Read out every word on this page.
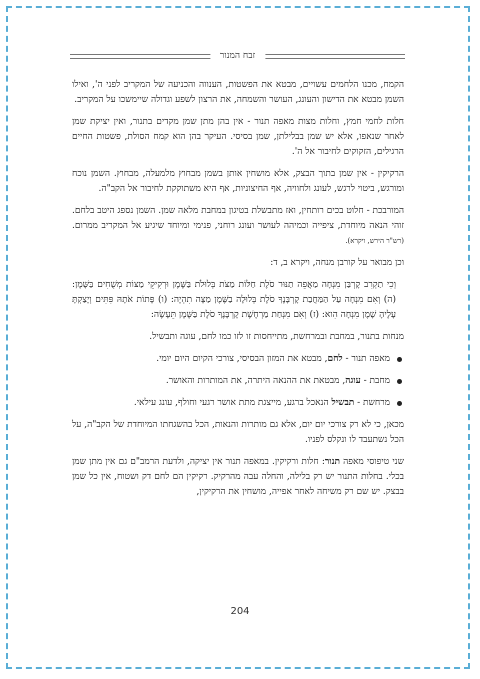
זבח המנור

הקמח, מכנו הלחמים עשויים, מבטא את הפשטות, הענווה והכניעה של המקריב לפני ה', ואילו השמן מבטא את הדישון והעונג, העושר והשמחה, את הרצון לשפע וגדולה שיימשכו על המקריב.

חלות לחמי חמץ, וחלות מצות מאפה תנור - אין בהן מתן שמן מקדים בתנור, ואין יציקת שמן לאחר שנאפו, אלא יש שמן בבלילתן, שמן בסיסי. העיקר בהן הוא קמח הסולת, פשטות החיים הרגילים, הזקוקים לחיבור אל ה'.

הרקיקין - אין שמן בתוך הבצק, אלא מושחין אותן בשמן מבחוץ מלמעלה, מבחוץ. השמן נוכח ומורגש, ביטוי לרגש, לעונג ולחוויה, אף החיצוניות, אף היא משתוקקת לחיבור אל הקב"ה.

המורבכת - חלוט בכים רותחין, ואז מתבשלת בטיגון במחבת מלאה שמן. השמן נספג היטב בלחם. זוהי הנאה מיוחדת, ציפייה וכמיהה לעושר ועונג רוחני, פנימי ומיוחד שיגיע אל המקריב ממרום. (רש"ר הירש, ויקרא).

וכן מבואר על קורבן מנחה, ויקרא ב, ד:

וְכִי תַקְרִב קָרְבַּן מִנְחָה מַאֲפֵה תַנּוּר סֹלֶת חַלּוֹת מַצֹּת בְּלוּלֹת בַּשֶּׁמֶן וּרְקִיקֵי מַצּוֹת מְשֻׁחִים בַּשָּׁמֶן: (ה) וְאִם מִנְחָה עַל הַמַּחֲבַת קָרְבָּנֶךָ סֹלֶת בְּלוּלָה בַשֶּׁמֶן מַצָּה תִהְיֶה: (ו) פָּתוֹת אֹתָהּ פִּתִּים וְיָצַקְתָּ עָלֶיהָ שָׁמֶן מִנְחָה הִוא: (ז) וְאִם מִנְחַת מַרְחֶשֶׁת קָרְבָּנֶךָ סֹלֶת בַּשֶּׁמֶן תֵּעָשֶׂה:

מנחות בתנור, במחבת ובמרחשת, מתייחסות זו לזו כמו לחם, עוגה ותבשיל.

מאפה תנור - לחם, מבטא את המזון הבסיסי, צורכי הקיום היום יומי.
מחבת - עוגה, מבטאת את ההנאה היתרה, את המותרות והאושר.
מרחשת - תבשיל הנאכל ברגע, מייצגת מתת אושר רגעי וחולף, עונג עילאי.

מכאן, כי לא רק צורכי יום יום, אלא גם מותרות והנאות, הכל בהשגחתו המיוחדת של הקב"ה, על הכל נשתעבד לו ונקלס לפניו.

שני טיפוסי מאפה תנור: חלות ורקיקין. במאפה תנור אין יציקה, ולדעת הרמב"ם גם אין מתן שמן בכלי. בחלות התנור יש רק בלילה, והחלה עבה מהרקיק. רקיקין הם לחם דק ושטוח, אין כל שמן בבצק. יש שם רק משיחה לאחר אפייה, מושחין את הרקיקין,

204
